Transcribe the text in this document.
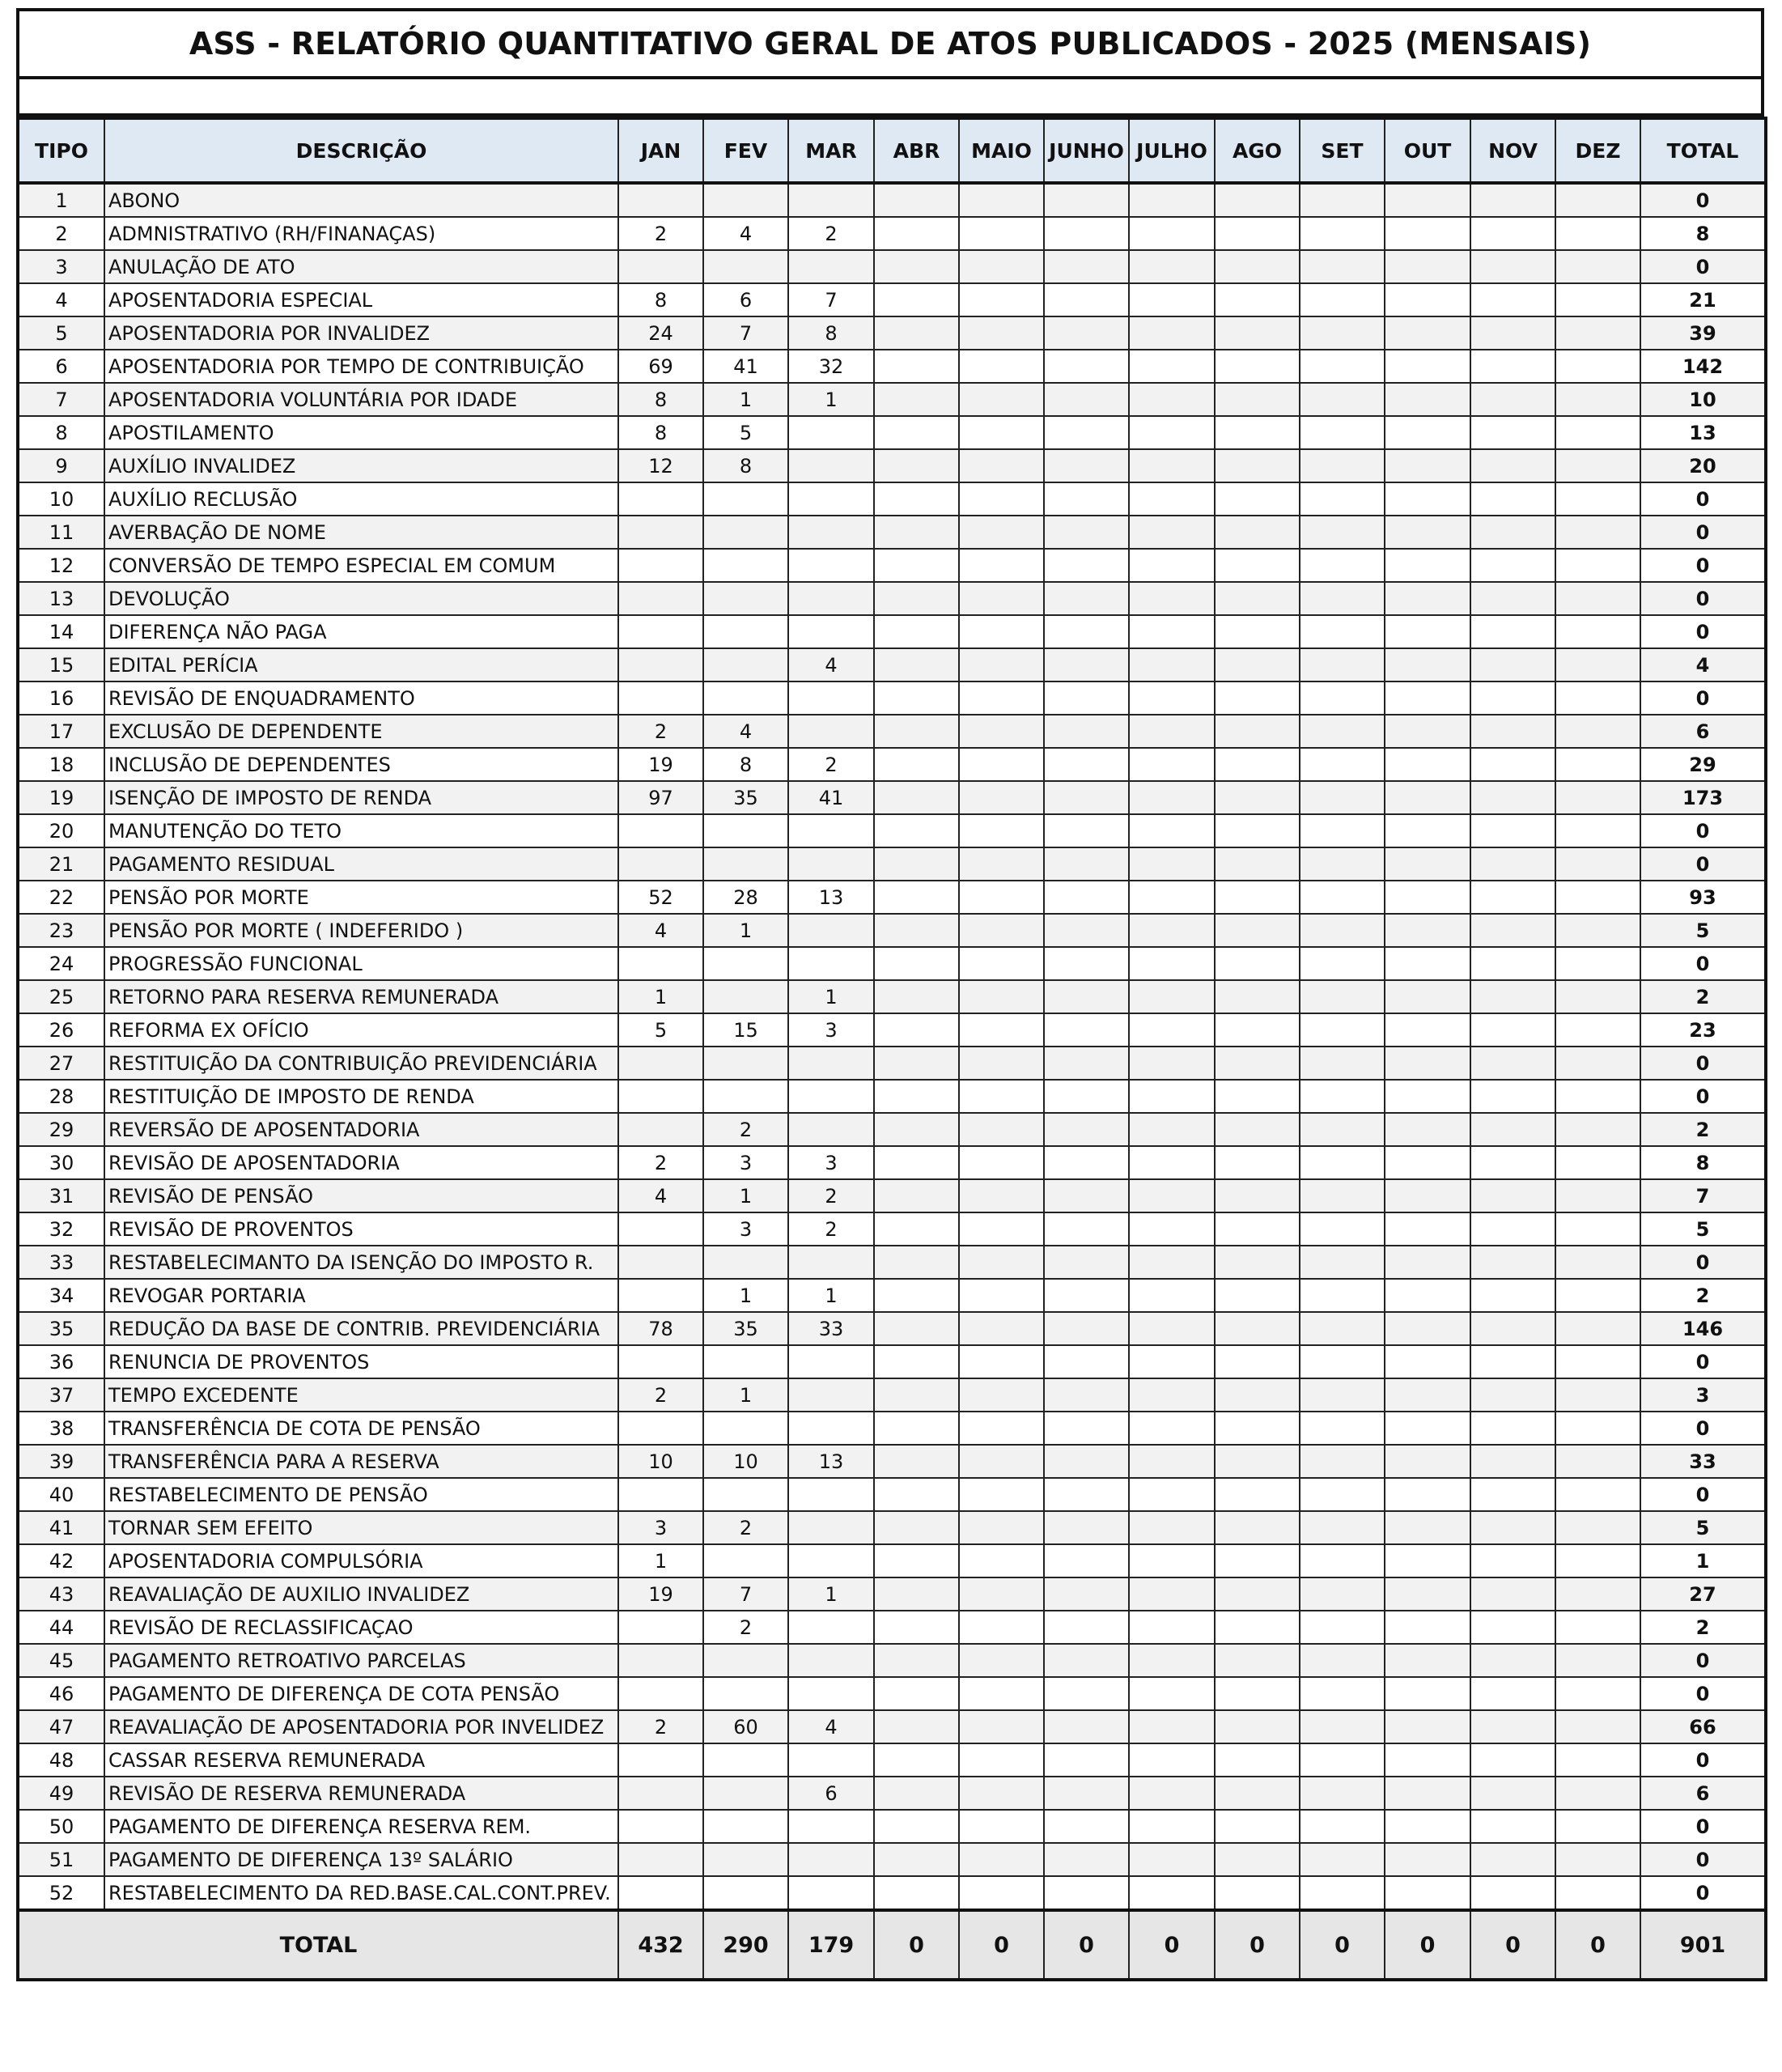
ASS - RELATÓRIO QUANTITATIVO GERAL DE ATOS PUBLICADOS - 2025 (MENSAIS)
TIPO	DESCRIÇÃO	JAN	FEV	MAR	ABR	MAIO	JUNHO	JULHO	AGO	SET	OUT	NOV	DEZ	TOTAL
1	ABONO													0
2	ADMNISTRATIVO (RH/FINANAÇAS)	2	4	2										8
3	ANULAÇÃO DE ATO													0
4	APOSENTADORIA ESPECIAL	8	6	7										21
5	APOSENTADORIA POR INVALIDEZ	24	7	8										39
6	APOSENTADORIA POR TEMPO DE CONTRIBUIÇÃO	69	41	32										142
7	APOSENTADORIA VOLUNTÁRIA POR IDADE	8	1	1										10
8	APOSTILAMENTO	8	5											13
9	AUXÍLIO INVALIDEZ	12	8											20
10	AUXÍLIO RECLUSÃO													0
11	AVERBAÇÃO DE NOME													0
12	CONVERSÃO DE TEMPO ESPECIAL EM COMUM													0
13	DEVOLUÇÃO													0
14	DIFERENÇA NÃO PAGA													0
15	EDITAL PERÍCIA			4										4
16	REVISÃO DE ENQUADRAMENTO													0
17	EXCLUSÃO DE DEPENDENTE	2	4											6
18	INCLUSÃO DE DEPENDENTES	19	8	2										29
19	ISENÇÃO DE IMPOSTO DE RENDA	97	35	41										173
20	MANUTENÇÃO DO TETO													0
21	PAGAMENTO RESIDUAL													0
22	PENSÃO POR MORTE	52	28	13										93
23	PENSÃO POR MORTE ( INDEFERIDO )	4	1											5
24	PROGRESSÃO FUNCIONAL													0
25	RETORNO PARA RESERVA REMUNERADA	1		1										2
26	REFORMA EX OFÍCIO	5	15	3										23
27	RESTITUIÇÃO DA CONTRIBUIÇÃO PREVIDENCIÁRIA													0
28	RESTITUIÇÃO DE IMPOSTO DE RENDA													0
29	REVERSÃO DE APOSENTADORIA		2											2
30	REVISÃO DE APOSENTADORIA	2	3	3										8
31	REVISÃO DE PENSÃO	4	1	2										7
32	REVISÃO DE PROVENTOS		3	2										5
33	RESTABELECIMANTO DA ISENÇÃO DO IMPOSTO R.													0
34	REVOGAR PORTARIA		1	1										2
35	REDUÇÃO DA BASE DE CONTRIB. PREVIDENCIÁRIA	78	35	33										146
36	RENUNCIA DE PROVENTOS													0
37	TEMPO EXCEDENTE	2	1											3
38	TRANSFERÊNCIA DE COTA DE PENSÃO													0
39	TRANSFERÊNCIA PARA A RESERVA	10	10	13										33
40	RESTABELECIMENTO DE PENSÃO													0
41	TORNAR SEM EFEITO	3	2											5
42	APOSENTADORIA COMPULSÓRIA	1												1
43	REAVALIAÇÃO DE AUXILIO INVALIDEZ	19	7	1										27
44	REVISÃO DE RECLASSIFICAÇAO		2											2
45	PAGAMENTO RETROATIVO PARCELAS													0
46	PAGAMENTO DE DIFERENÇA DE COTA PENSÃO													0
47	REAVALIAÇÃO DE APOSENTADORIA POR INVELIDEZ	2	60	4										66
48	CASSAR RESERVA REMUNERADA													0
49	REVISÃO DE RESERVA REMUNERADA			6										6
50	PAGAMENTO DE DIFERENÇA RESERVA REM.													0
51	PAGAMENTO DE DIFERENÇA 13º SALÁRIO													0
52	RESTABELECIMENTO DA RED.BASE.CAL.CONT.PREV.													0
TOTAL		432	290	179	0	0	0	0	0	0	0	0	0	901
